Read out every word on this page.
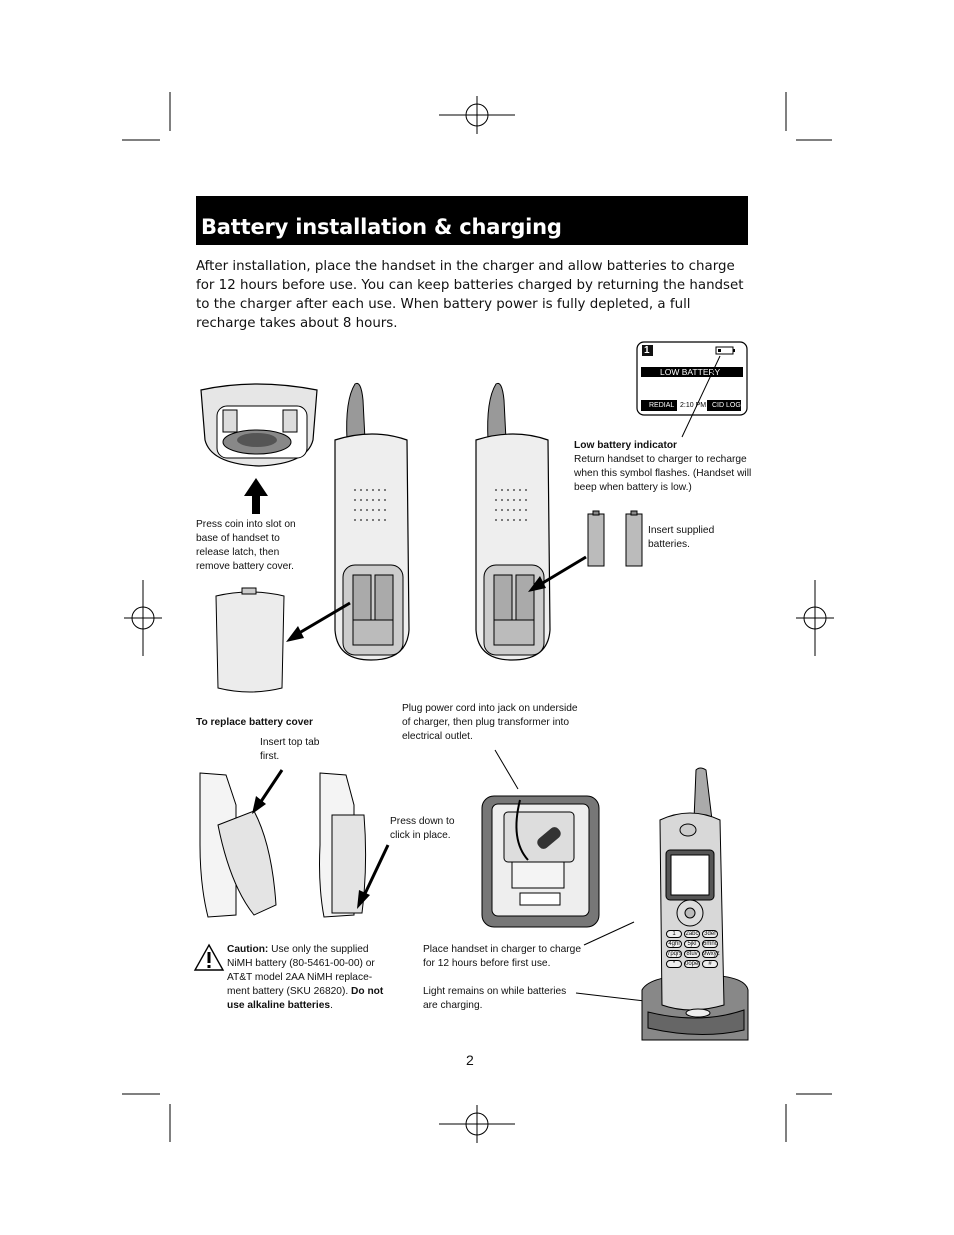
Battery installation & charging
After installation, place the handset in the charger and allow batteries to charge for 12 hours before use. You can keep batteries charged by returning the handset to the charger after each use. When battery power is fully depleted, a full recharge takes about 8 hours.
1
LOW BATTERY
REDIAL 2:10 PM CID LOG
Low battery indicator
Return handset to charger to recharge when this symbol flashes. (Handset will beep when battery is low.)
Press coin into slot on base of handset to release latch, then remove battery cover.
Insert supplied batteries.
To replace battery cover
Insert top tab first.
Press down to click in place.
Plug power cord into jack on underside of charger, then plug transformer into electrical outlet.
Caution: Use only the supplied NiMH battery (80-5461-00-00) or AT&T model 2AA NiMH replace-ment battery (SKU 26820). Do not use alkaline batteries.
Place handset in charger to charge for 12 hours before first use.
Light remains on while batteries are charging.
1	2abc 3def
4ghi	5jkl	6mno
7pqrs 8tuv 9wxyz
*	0oper	#
2
